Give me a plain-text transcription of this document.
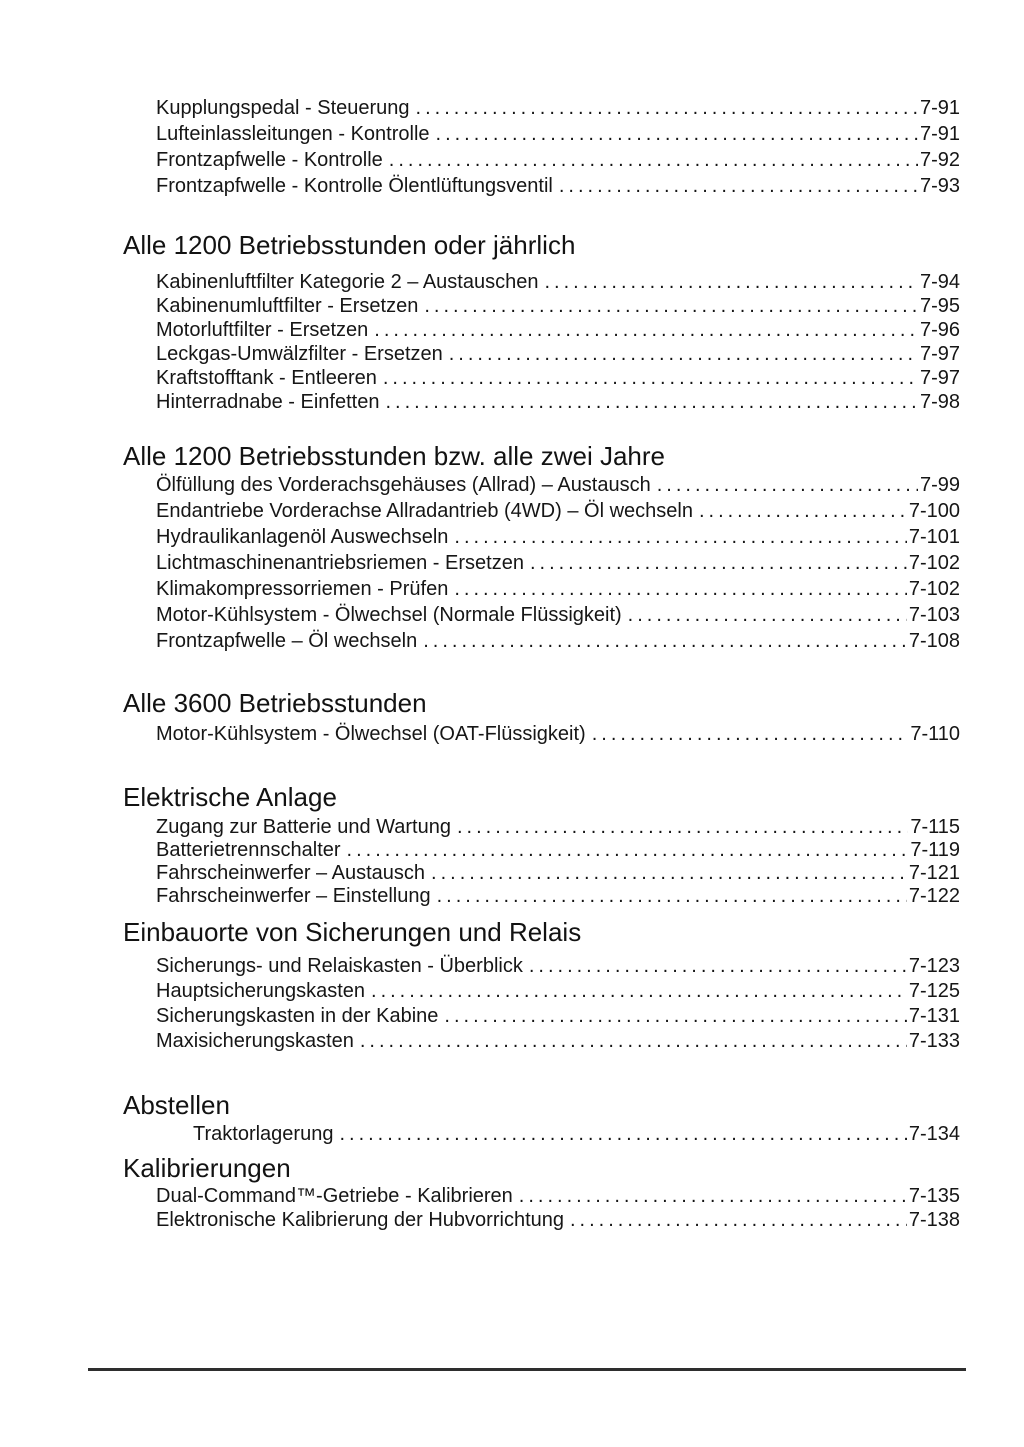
Kupplungspedal - Steuerung .....	7-91
Lufteinlassleitungen - Kontrolle .....	7-91
Frontzapfwelle - Kontrolle .....	7-92
Frontzapfwelle - Kontrolle Ölentlüftungsventil .....	7-93
Alle 1200 Betriebsstunden oder jährlich
Kabinenluftfilter Kategorie 2 – Austauschen .....	7-94
Kabinenumluftfilter - Ersetzen .....	7-95
Motorluftfilter - Ersetzen .....	7-96
Leckgas-Umwälzfilter - Ersetzen .....	7-97
Kraftstofftank - Entleeren .....	7-97
Hinterradnabe - Einfetten .....	7-98
Alle 1200 Betriebsstunden bzw. alle zwei Jahre
Ölfüllung des Vorderachsgehäuses (Allrad) – Austausch .....	7-99
Endantriebe Vorderachse Allradantrieb (4WD) – Öl wechseln .....	7-100
Hydraulikanlagenöl Auswechseln .....	7-101
Lichtmaschinenantriebsriemen - Ersetzen .....	7-102
Klimakompressorriemen - Prüfen .....	7-102
Motor-Kühlsystem - Ölwechsel (Normale Flüssigkeit) .....	7-103
Frontzapfwelle – Öl wechseln .....	7-108
Alle 3600 Betriebsstunden
Motor-Kühlsystem - Ölwechsel (OAT-Flüssigkeit) .....	7-110
Elektrische Anlage
Zugang zur Batterie und Wartung .....	7-115
Batterietrennschalter .....	7-119
Fahrscheinwerfer – Austausch .....	7-121
Fahrscheinwerfer – Einstellung .....	7-122
Einbauorte von Sicherungen und Relais
Sicherungs- und Relaiskasten - Überblick .....	7-123
Hauptsicherungskasten .....	7-125
Sicherungskasten in der Kabine .....	7-131
Maxisicherungskasten .....	7-133
Abstellen
Traktorlagerung .....	7-134
Kalibrierungen
Dual-Command™-Getriebe - Kalibrieren .....	7-135
Elektronische Kalibrierung der Hubvorrichtung .....	7-138
